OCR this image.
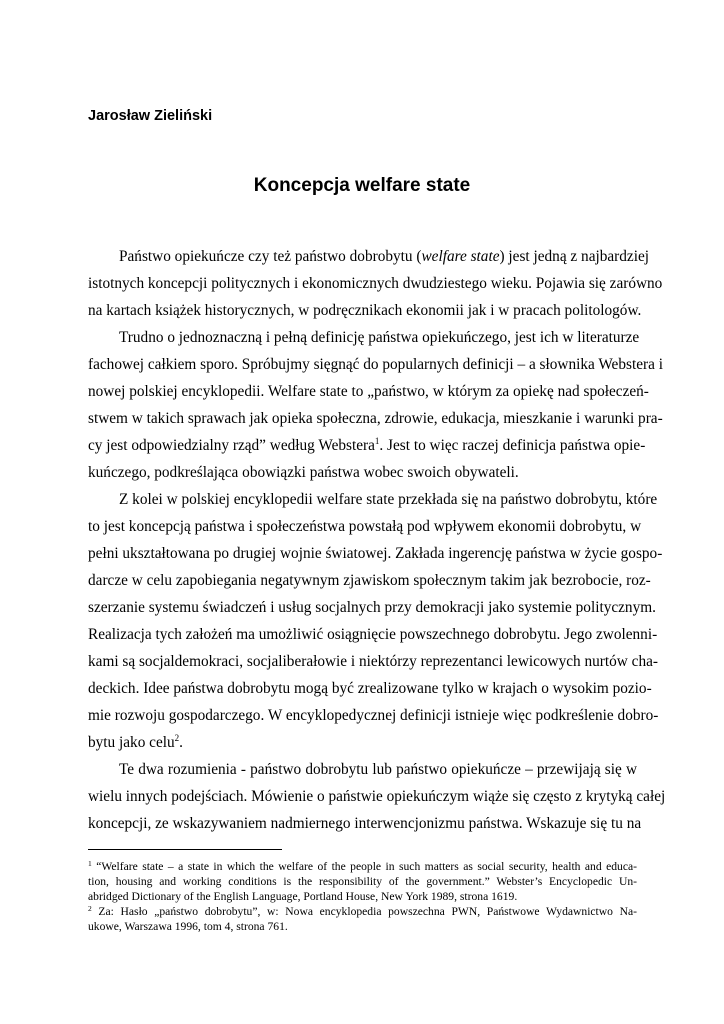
Jarosław Zieliński
Koncepcja welfare state
Państwo opiekuńcze czy też państwo dobrobytu (welfare state) jest jedną z najbardziej
istotnych koncepcji politycznych i ekonomicznych dwudziestego wieku. Pojawia się zarówno
na kartach książek historycznych, w podręcznikach ekonomii jak i w pracach politologów.
Trudno o jednoznaczną i pełną definicję państwa opiekuńczego, jest ich w literaturze
fachowej całkiem sporo. Spróbujmy sięgnąć do popularnych definicji – a słownika Webstera i
nowej polskiej encyklopedii. Welfare state to „państwo, w którym za opiekę nad społeczeń-
stwem w takich sprawach jak opieka społeczna, zdrowie, edukacja, mieszkanie i warunki pra-
cy jest odpowiedzialny rząd” według Webstera$^1$. Jest to więc raczej definicja państwa opie-
kuńczego, podkreślająca obowiązki państwa wobec swoich obywateli.
Z kolei w polskiej encyklopedii welfare state przekłada się na państwo dobrobytu, które
to jest koncepcją państwa i społeczeństwa powstałą pod wpływem ekonomii dobrobytu, w
pełni ukształtowana po drugiej wojnie światowej. Zakłada ingerencję państwa w życie gospo-
darcze w celu zapobiegania negatywnym zjawiskom społecznym takim jak bezrobocie, roz-
szerzanie systemu świadczeń i usług socjalnych przy demokracji jako systemie politycznym.
Realizacja tych założeń ma umożliwić osiągnięcie powszechnego dobrobytu. Jego zwolenni-
kami są socjaldemokraci, socjaliberałowie i niektórzy reprezentanci lewicowych nurtów cha-
deckich. Idee państwa dobrobytu mogą być zrealizowane tylko w krajach o wysokim pozio-
mie rozwoju gospodarczego. W encyklopedycznej definicji istnieje więc podkreślenie dobro-
bytu jako celu$^2$.
Te dwa rozumienia - państwo dobrobytu lub państwo opiekuńcze – przewijają się w
wielu innych podejściach. Mówienie o państwie opiekuńczym wiąże się często z krytyką całej
koncepcji, ze wskazywaniem nadmiernego interwencjonizmu państwa. Wskazuje się tu na
$^1$ “Welfare state – a state in which the welfare of the people in such matters as social security, health and educa-
tion, housing and working conditions is the responsibility of the government.” Webster’s Encyclopedic Un-
abridged Dictionary of the English Language, Portland House, New York 1989, strona 1619.
$^2$ Za: Hasło „państwo dobrobytu”, w: Nowa encyklopedia powszechna PWN, Państwowe Wydawnictwo Na-
ukowe, Warszawa 1996, tom 4, strona 761.
